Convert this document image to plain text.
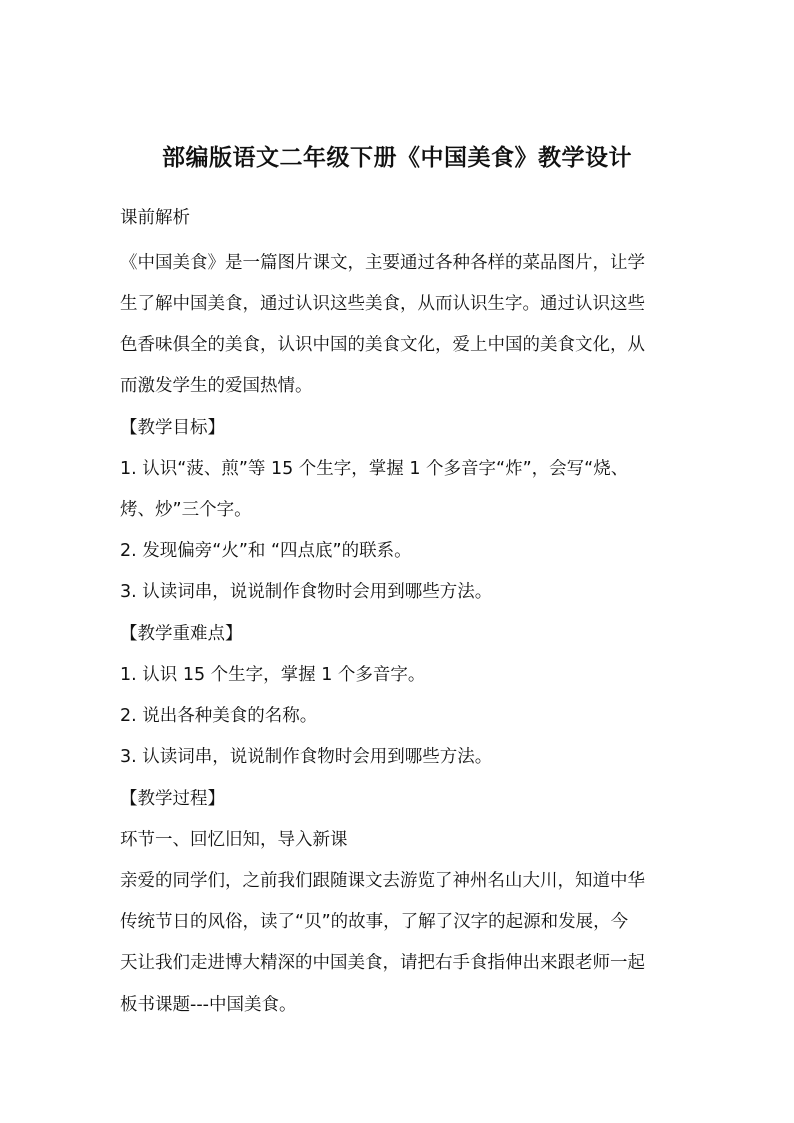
部编版语文二年级下册《中国美食》教学设计
课前解析
《中国美食》是一篇图片课文，主要通过各种各样的菜品图片，让学
生了解中国美食，通过认识这些美食，从而认识生字。通过认识这些
色香味俱全的美食，认识中国的美食文化，爱上中国的美食文化，从
而激发学生的爱国热情。
【教学目标】
1. 认识“菠、煎”等 15 个生字，掌握 1 个多音字“炸”，会写“烧、
烤、炒”三个字。
2. 发现偏旁“火”和 “四点底”的联系。
3. 认读词串，说说制作食物时会用到哪些方法。
【教学重难点】
1. 认识 15 个生字，掌握 1 个多音字。
2. 说出各种美食的名称。
3. 认读词串，说说制作食物时会用到哪些方法。
【教学过程】
环节一、回忆旧知，导入新课
亲爱的同学们，之前我们跟随课文去游览了神州名山大川，知道中华
传统节日的风俗，读了“贝”的故事，了解了汉字的起源和发展，今
天让我们走进博大精深的中国美食，请把右手食指伸出来跟老师一起
板书课题---中国美食。
